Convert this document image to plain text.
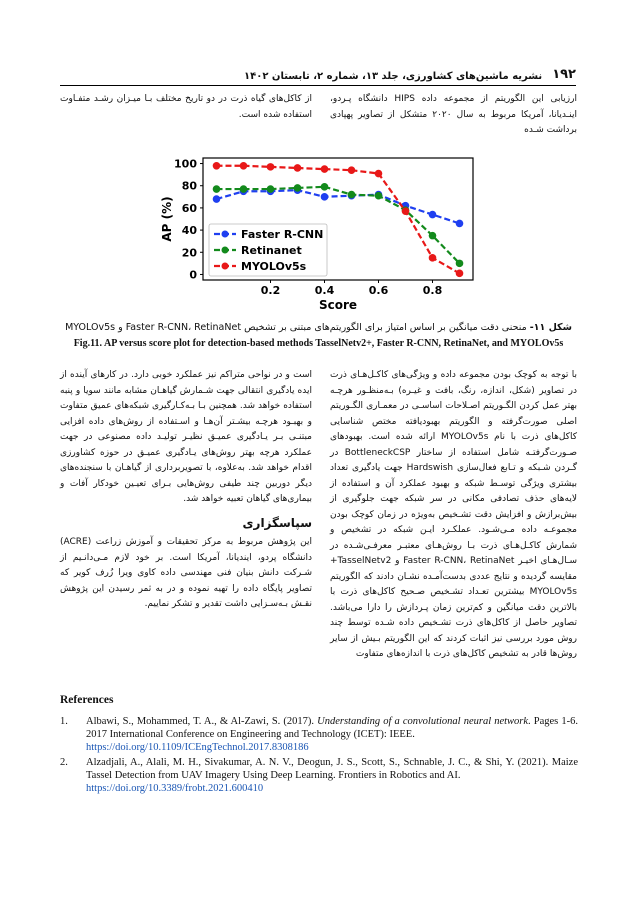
۱۹۲
نشریه ماشین‌های کشاورزی، جلد ۱۳، شماره ۲، تابستان ۱۴۰۲

ارزیابی این الگوریتم از مجموعه داده HIPS دانشگاه پـردو، اینـدیانا، آمریکا مربوط به سال ۲۰۲۰ متشکل از تصاویر پهپادی برداشت شـده

از کاکل‌های گیاه ذرت در دو تاریخ مختلف بـا میـزان رشـد متفـاوت استفاده شده است.

0
20
40
60
80
100
0.2	0.4	0.6	0.8
Score
AP (%)	Faster R-CNN
Retinanet
MYOLOv5s
شکل ۱۱- منحنی دقت میانگین بر اساس امتیاز برای الگوریتم‌های مبتنی بر تشخیص Faster R-CNN، RetinaNet و MYOLOv5s
Fig.11. AP versus score plot for detection-based methods TasselNetv2+, Faster R-CNN, RetinaNet, and MYOLOv5s

با توجه به کوچک بودن مجموعه داده و ویژگی‌های کاکـل‌هـای ذرت در تصاویر (شکل، اندازه، رنگ، بافت و غیـره) بـه‌منظـور هرچـه بهتر عمل کردن الگـوریتم اصـلاحات اساسـی در معمـاری الگـوریتم اصلی صورت‌گرفته و الگوریتم بهبودیافته مختص شناسایی کاکل‌های ذرت با نام MYOLOv5s ارائه شده است. بهبودهای صـورت‌گرفتـه شامل استفاده از ساختار BottleneckCSP در گـردن شـبکه و تـابع فعال‌سازی Hardswish جهت یادگیری تعداد بیشتری ویژگی توسـط شبکه و بهبود عملکرد آن و استفاده از لایه‌های حذف تصادفی مکانی در سر شبکه جهت جلوگیری از بیش‌برازش و افزایش دقت تشـخیص به‌ویژه در زمان کوچک بودن مجموعـه داده مـی‌شـود. عملکـرد ایـن شبکه در تشخیص و شمارش کاکـل‌هـای ذرت بـا روش‌هـای معتبـر معرفـی‌شـده در سـال‌هـای اخیـر Faster R-CNN، RetinaNet و TasselNetv2+ مقایسه گردیده و نتایج عددی بدست‌آمـده نشـان دادند که الگوریتم MYOLOv5s بیشترین تعـداد تشـخیص صـحیح کاکل‌های ذرت با بالاترین دقت میانگین و کم‌ترین زمان پـردازش را دارا می‌باشد. تصاویر حاصل از کاکل‌های ذرت تشـخیص داده شـده توسط چند روش مورد بررسی نیز اثبات کردند که این الگوریتم بـیش از سایر روش‌ها قادر به تشخیص کاکل‌های ذرت با اندازه‌های متفاوت

است و در نواحی متراکم نیز عملکرد خوبی دارد. در کارهای آینده از ایده یادگیری انتقالی جهت شـمارش گیاهـان مشابه مانند سویا و پنبه استفاده خواهد شد. همچنین بـا بـه‌کـارگیری شبکه‌های عمیق متفاوت و بهبـود هرچـه بیشـتر آن‌هـا و اسـتفاده از روش‌های داده افزایی مبتنـی بـر یـادگیری عمیـق نظیـر تولیـد داده مصنوعی در جهت عملکرد هرچه بهتر روش‌های یـادگیری عمیـق در حوزه کشاورزی اقدام خواهد شد. به‌علاوه، با تصویربرداری از گیاهـان با سنجنده‌های دیگر دوربین چند طیفی روش‌هایی بـرای تعیـین خودکار آفات و بیماری‌های گیاهان تعبیه خواهد شد.

سپاسگزاری

این پژوهش مربوط به مرکز تحقیقات و آموزش زراعت (ACRE) دانشگاه پردو، ایندیانا، آمریکا است. بر خود لازم مـی‌دانـیم از شـرکت دانش بنیان فنی مهندسی داده کاوی ویرا زُرف کویر که تصاویر پایگاه داده را تهیه نموده و در به ثمر رسیدن این پژوهش نقـش بـه‌سـزایی داشت تقدیر و تشکر نماییم.

References
1.	Albawi, S., Mohammed, T. A., & Al-Zawi, S. (2017). Understanding of a convolutional neural network. Pages 1-6. 2017 International Conference on Engineering and Technology (ICET): IEEE.
https://doi.org/10.1109/ICEngTechnol.2017.8308186
2.	Alzadjali, A., Alali, M. H., Sivakumar, A. N. V., Deogun, J. S., Scott, S., Schnable, J. C., & Shi, Y. (2021). Maize Tassel Detection from UAV Imagery Using Deep Learning. Frontiers in Robotics and AI.
https://doi.org/10.3389/frobt.2021.600410
